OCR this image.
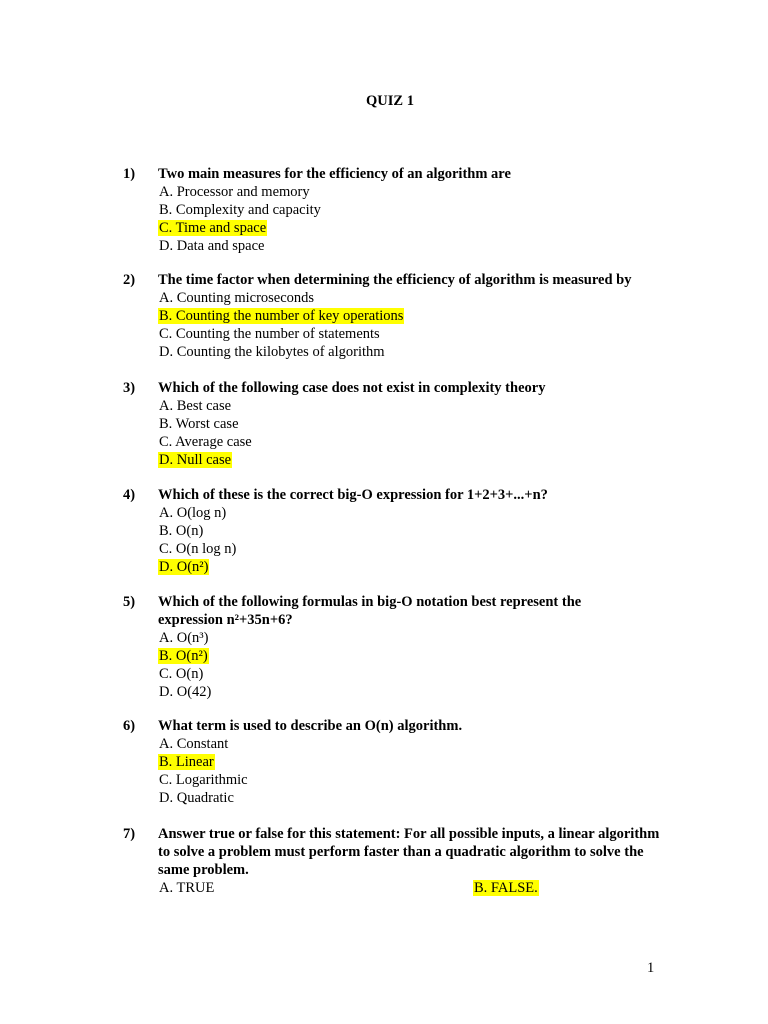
QUIZ 1
1) Two main measures for the efficiency of an algorithm are
A. Processor and memory
B. Complexity and capacity
C. Time and space
D. Data and space
2) The time factor when determining the efficiency of algorithm is measured by
A. Counting microseconds
B. Counting the number of key operations
C. Counting the number of statements
D. Counting the kilobytes of algorithm
3) Which of the following case does not exist in complexity theory
A. Best case
B. Worst case
C. Average case
D. Null case
4) Which of these is the correct big-O expression for 1+2+3+...+n?
A. O(log n)
B. O(n)
C. O(n log n)
D. O(n²)
5) Which of the following formulas in big-O notation best represent the expression n²+35n+6?
A. O(n³)
B. O(n²)
C. O(n)
D. O(42)
6) What term is used to describe an O(n) algorithm.
A. Constant
B. Linear
C. Logarithmic
D. Quadratic
7) Answer true or false for this statement: For all possible inputs, a linear algorithm to solve a problem must perform faster than a quadratic algorithm to solve the same problem.
A. TRUE	B. FALSE.
1
